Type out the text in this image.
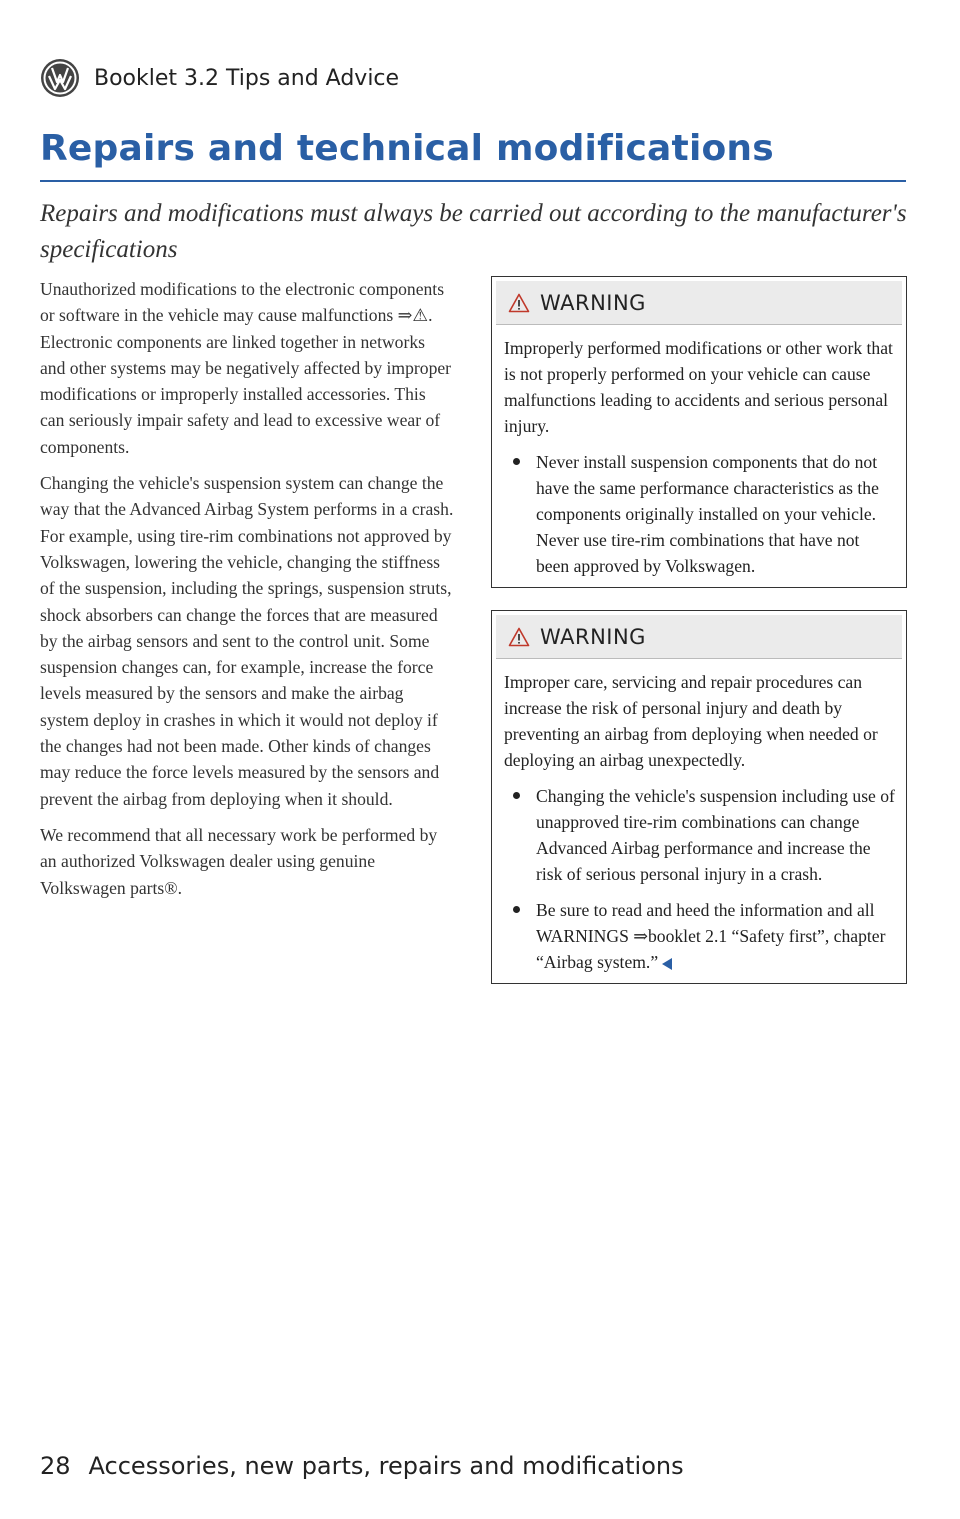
Booklet 3.2 Tips and Advice
Repairs and technical modifications

Repairs and modifications must always be carried out according to the manufacturer's specifications

Unauthorized modifications to the electronic components or software in the vehicle may cause malfunctions ⇒⚠. Electronic components are linked together in networks and other systems may be negatively affected by improper modifications or improperly installed accessories. This can seriously impair safety and lead to excessive wear of components.

Changing the vehicle's suspension system can change the way that the Advanced Airbag System performs in a crash. For example, using tire-rim combinations not approved by Volkswagen, lowering the vehicle, changing the stiffness of the suspension, including the springs, suspension struts, shock absorbers can change the forces that are measured by the airbag sensors and sent to the control unit. Some suspension changes can, for example, increase the force levels measured by the sensors and make the airbag system deploy in crashes in which it would not deploy if the changes had not been made. Other kinds of changes may reduce the force levels measured by the sensors and prevent the airbag from deploying when it should.

We recommend that all necessary work be performed by an authorized Volkswagen dealer using genuine Volkswagen parts®.

WARNING

Improperly performed modifications or other work that is not properly performed on your vehicle can cause malfunctions leading to accidents and serious personal injury.

Never install suspension components that do not have the same performance characteristics as the components originally installed on your vehicle. Never use tire-rim combinations that have not been approved by Volkswagen.

WARNING

Improper care, servicing and repair procedures can increase the risk of personal injury and death by preventing an airbag from deploying when needed or deploying an airbag unexpectedly.

Changing the vehicle's suspension including use of unapproved tire-rim combinations can change Advanced Airbag performance and increase the risk of serious personal injury in a crash.

Be sure to read and heed the information and all WARNINGS ⇒booklet 2.1 “Safety first”, chapter “Airbag system.”

28 Accessories, new parts, repairs and modifications
